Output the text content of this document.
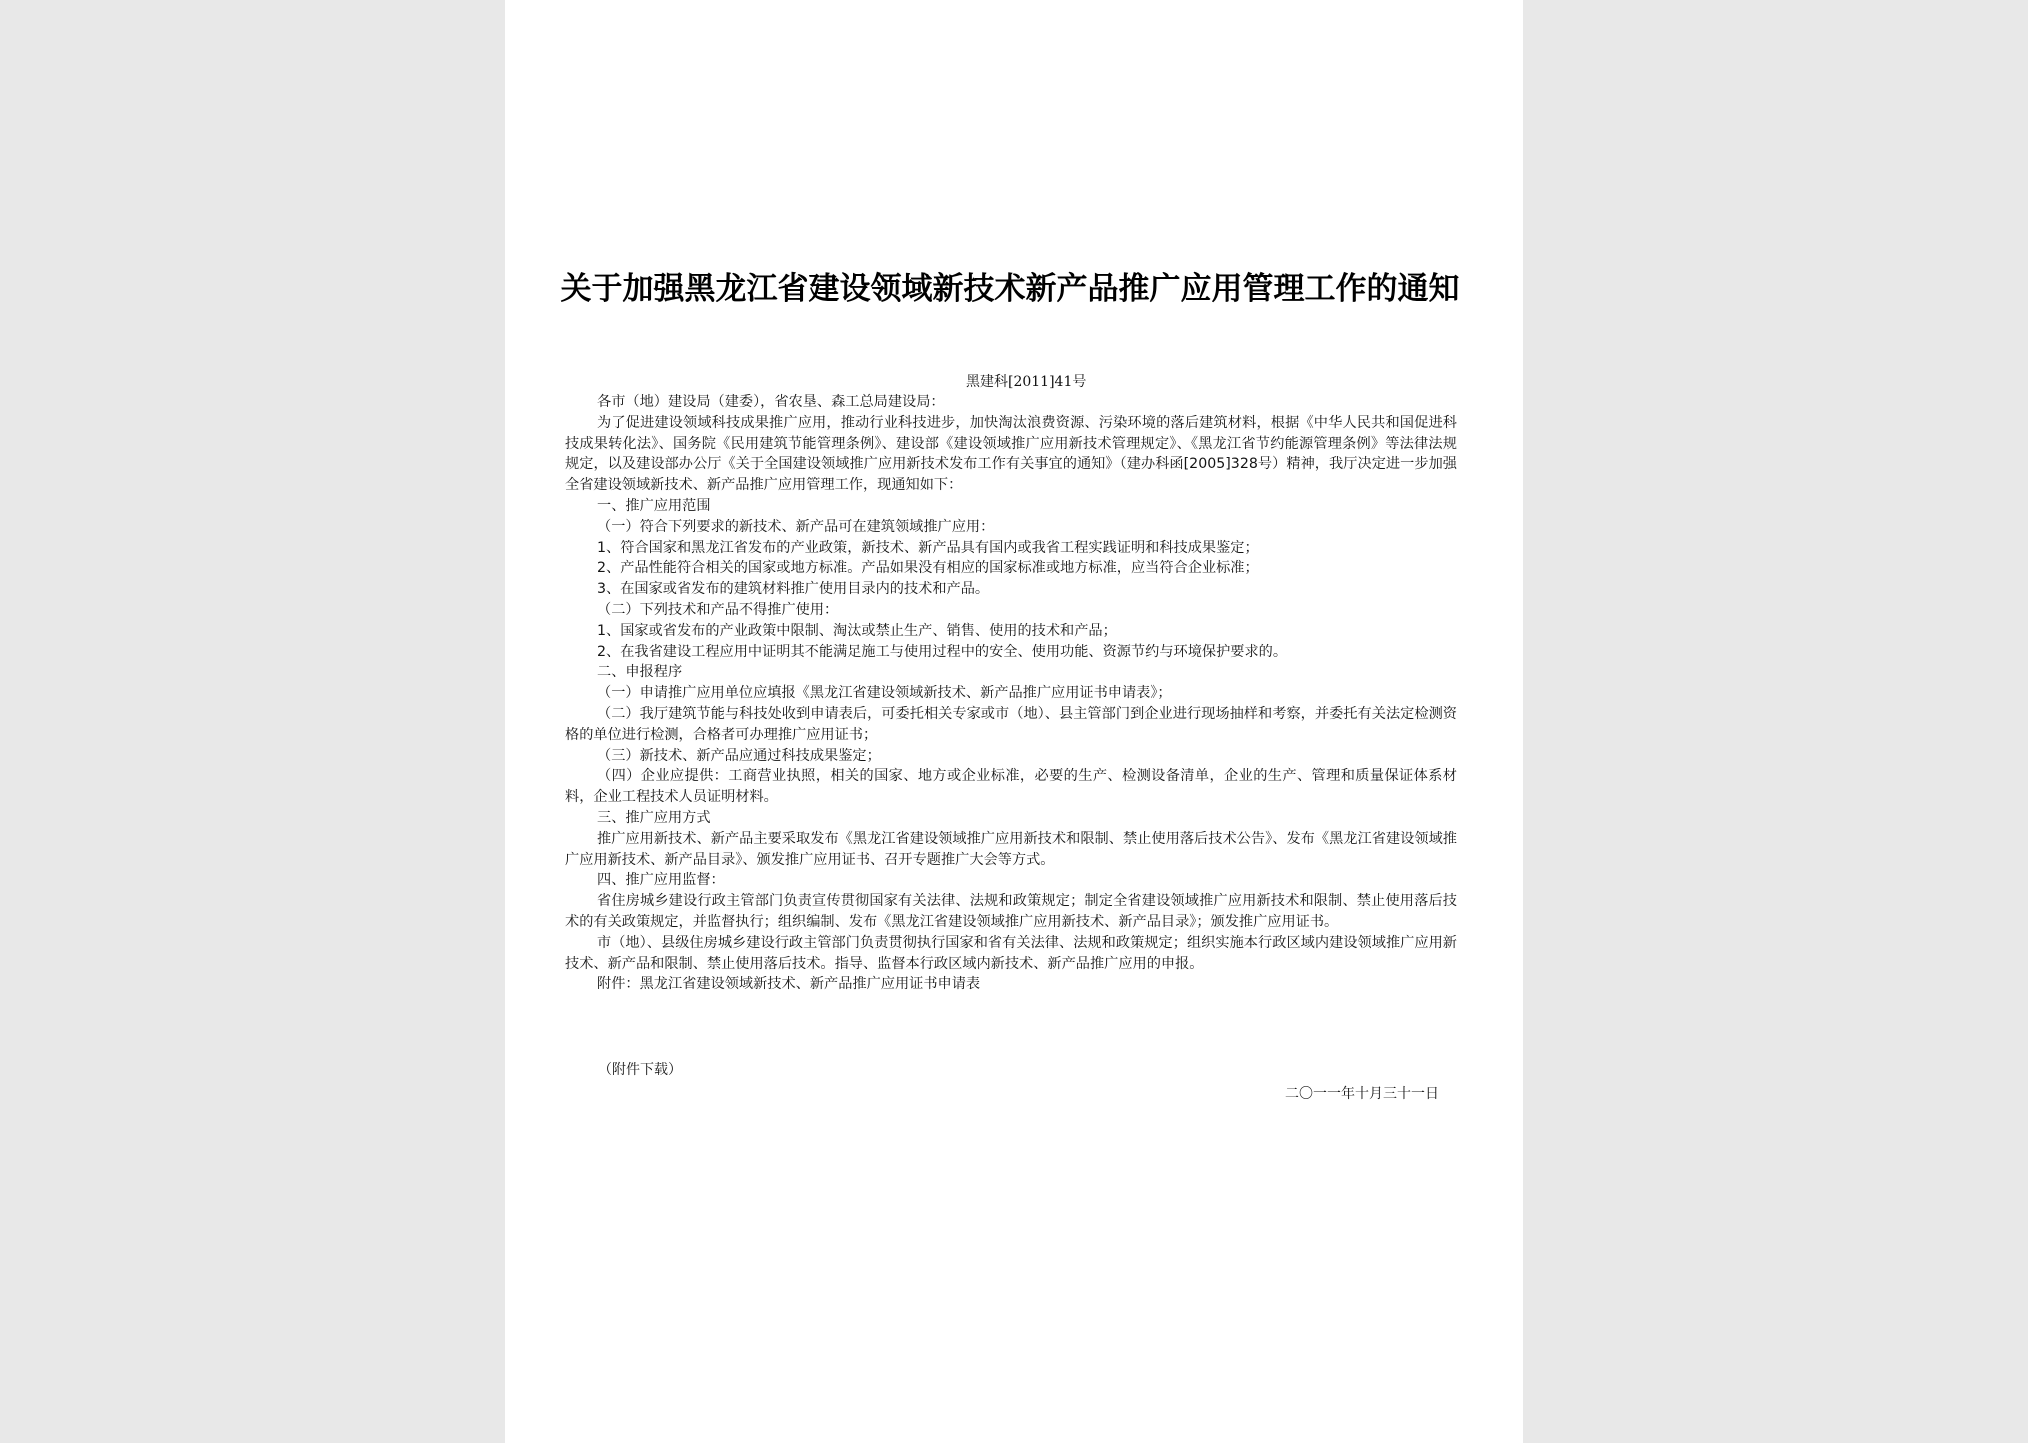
关于加强黑龙江省建设领域新技术新产品推广应用管理工作的通知
黑建科[2011]41号

各市（地）建设局（建委），省农垦、森工总局建设局：

为了促进建设领域科技成果推广应用，推动行业科技进步，加快淘汰浪费资源、污染环境的落后建筑材料，根据《中华人民共和国促进科技成果转化法》、国务院《民用建筑节能管理条例》、建设部《建设领域推广应用新技术管理规定》、《黑龙江省节约能源管理条例》等法律法规规定，以及建设部办公厅《关于全国建设领域推广应用新技术发布工作有关事宜的通知》（建办科函[2005]328号）精神，我厅决定进一步加强全省建设领域新技术、新产品推广应用管理工作，现通知如下：

一、推广应用范围

（一）符合下列要求的新技术、新产品可在建筑领域推广应用：

1、符合国家和黑龙江省发布的产业政策，新技术、新产品具有国内或我省工程实践证明和科技成果鉴定；

2、产品性能符合相关的国家或地方标准。产品如果没有相应的国家标准或地方标准，应当符合企业标准；

3、在国家或省发布的建筑材料推广使用目录内的技术和产品。

（二）下列技术和产品不得推广使用：

1、国家或省发布的产业政策中限制、淘汰或禁止生产、销售、使用的技术和产品；

2、在我省建设工程应用中证明其不能满足施工与使用过程中的安全、使用功能、资源节约与环境保护要求的。

二、申报程序

（一）申请推广应用单位应填报《黑龙江省建设领域新技术、新产品推广应用证书申请表》；

（二）我厅建筑节能与科技处收到申请表后，可委托相关专家或市（地）、县主管部门到企业进行现场抽样和考察，并委托有关法定检测资格的单位进行检测，合格者可办理推广应用证书；

（三）新技术、新产品应通过科技成果鉴定；

（四）企业应提供：工商营业执照，相关的国家、地方或企业标准，必要的生产、检测设备清单，企业的生产、管理和质量保证体系材料，企业工程技术人员证明材料。

三、推广应用方式

推广应用新技术、新产品主要采取发布《黑龙江省建设领域推广应用新技术和限制、禁止使用落后技术公告》、发布《黑龙江省建设领域推广应用新技术、新产品目录》、颁发推广应用证书、召开专题推广大会等方式。

四、推广应用监督：

省住房城乡建设行政主管部门负责宣传贯彻国家有关法律、法规和政策规定；制定全省建设领域推广应用新技术和限制、禁止使用落后技术的有关政策规定，并监督执行；组织编制、发布《黑龙江省建设领域推广应用新技术、新产品目录》；颁发推广应用证书。

市（地）、县级住房城乡建设行政主管部门负责贯彻执行国家和省有关法律、法规和政策规定；组织实施本行政区域内建设领域推广应用新技术、新产品和限制、禁止使用落后技术。指导、监督本行政区域内新技术、新产品推广应用的申报。

附件：黑龙江省建设领域新技术、新产品推广应用证书申请表

（附件下载）
二〇一一年十月三十一日
